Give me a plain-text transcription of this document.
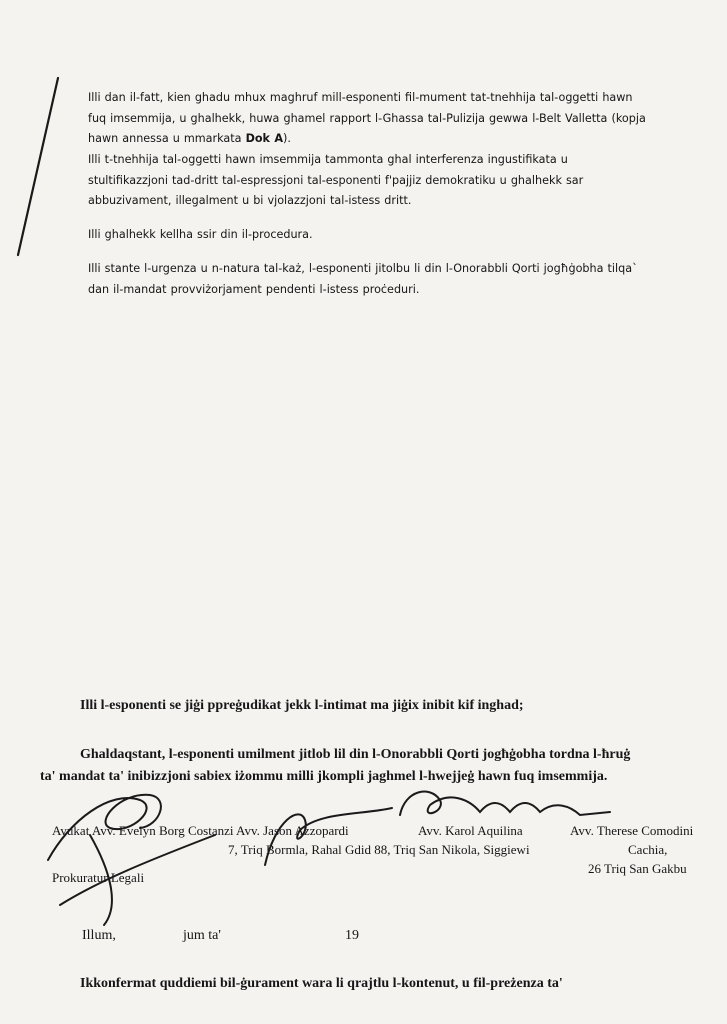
Illi dan il-fatt, kien ghadu mhux maghruf mill-esponenti fil-mument tat-tnehhija tal-oggetti hawn fuq imsemmija, u ghalhekk, huwa ghamel rapport l-Ghassa tal-Pulizija gewwa l-Belt Valletta (kopja hawn annessa u mmarkata Dok A).

Illi t-tnehhija tal-oggetti hawn imsemmija tammonta ghal interferenza ingustifikata u stultifikazzjoni tad-dritt tal-espressjoni tal-esponenti f'pajjiz demokratiku u ghalhekk sar abbuzivament, illegalment u bi vjolazzjoni tal-istess dritt.

Illi ghalhekk kellha ssir din il-procedura.

Illi stante l-urgenza u n-natura tal-każ, l-esponenti jitolbu li din l-Onorabbli Qorti jogħġobha tilqa` dan il-mandat provviżorjament pendenti l-istess proċeduri.

Illi l-esponenti se jiġi ppreġudikat jekk l-intimat ma jiġix inibit kif inghad;

Ghaldaqstant, l-esponenti umilment jitlob lil din l-Onorabbli Qorti jogħġobha tordna l-ħruġ ta' mandat ta' inibizzjoni sabiex iżommu milli jkompli jaghmel l-hwejjeġ hawn fuq imsemmija.

Avukat Avv. Evelyn Borg Costanzi Avv. Jason Azzopardi	Avv. Karol Aquilina	Avv. Therese Comodini

Cachia,

7, Triq Bormla, Rahal Gdid 88, Triq San Nikola, Siggiewi

26 Triq San Gakbu

Prokuratur Legali

Illum,	jum ta'	19

Ikkonfermat quddiemi bil-ġurament wara li qrajtlu l-kontenut, u fil-preżenza ta'
